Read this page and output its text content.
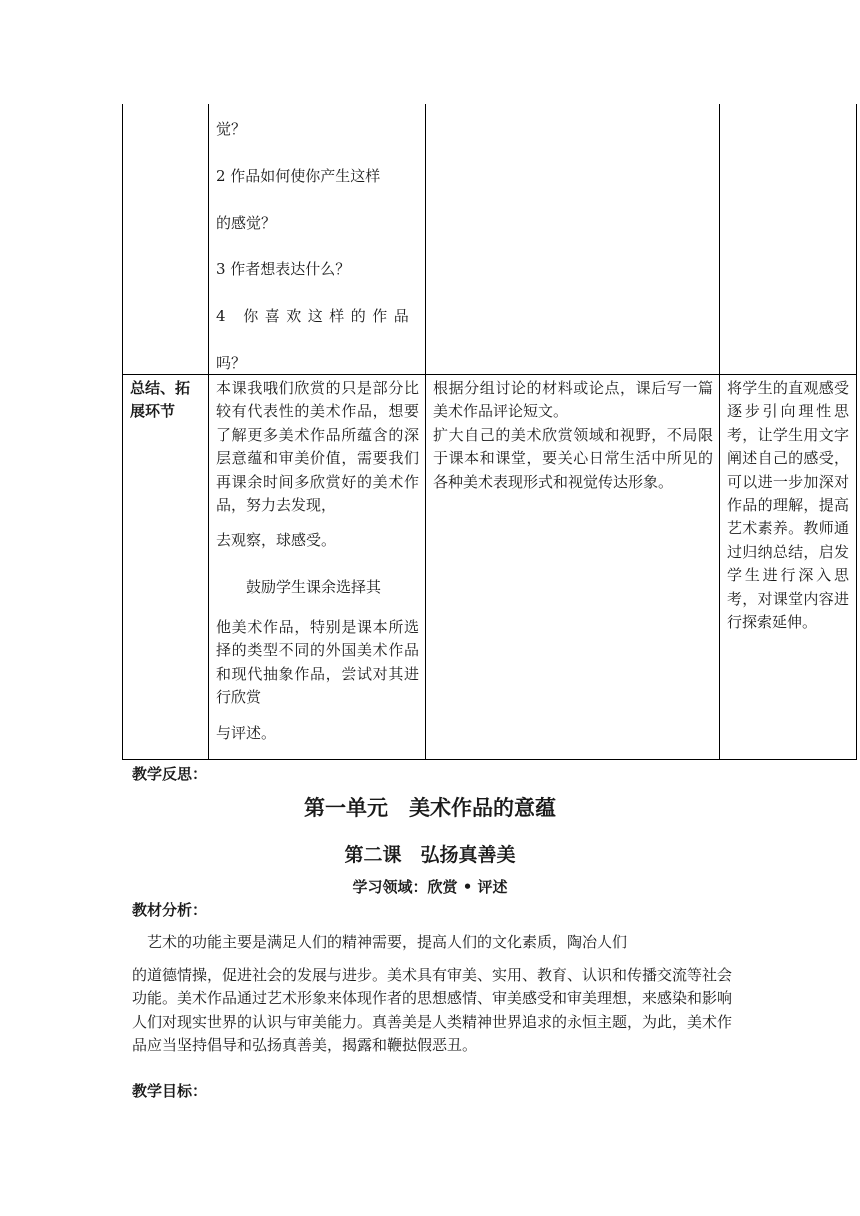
觉？
2 作品如何使你产生这样
的感觉？
3 作者想表达什么？
4 你喜欢这样的作品
吗？
总结、拓
展环节
本课我哦们欣赏的只是部分比较有代表性的美术作品，想要了解更多美术作品所蕴含的深层意蕴和审美价值，需要我们再课余时间多欣赏好的美术作品，努力去发现，
去观察，球感受。
鼓励学生课余选择其
他美术作品，特别是课本所选择的类型不同的外国美术作品和现代抽象作品，尝试对其进行欣赏
与评述。
根据分组讨论的材料或论点，课后写一篇美术作品评论短文。
扩大自己的美术欣赏领域和视野，不局限于课本和课堂，要关心日常生活中所见的各种美术表现形式和视觉传达形象。
将学生的直观感受逐步引向理性思考，让学生用文字阐述自己的感受，可以进一步加深对作品的理解，提高艺术素养。教师通过归纳总结，启发学生进行深入思考，对课堂内容进行探索延伸。
教学反思：
第一单元　美术作品的意蕴
第二课　弘扬真善美
学习领域：欣赏 • 评述
教材分析：
艺术的功能主要是满足人们的精神需要，提高人们的文化素质，陶冶人们
的道德情操，促进社会的发展与进步。美术具有审美、实用、教育、认识和传播交流等社会功能。美术作品通过艺术形象来体现作者的思想感情、审美感受和审美理想，来感染和影响人们对现实世界的认识与审美能力。真善美是人类精神世界追求的永恒主题，为此，美术作品应当坚持倡导和弘扬真善美，揭露和鞭挞假恶丑。
教学目标：
